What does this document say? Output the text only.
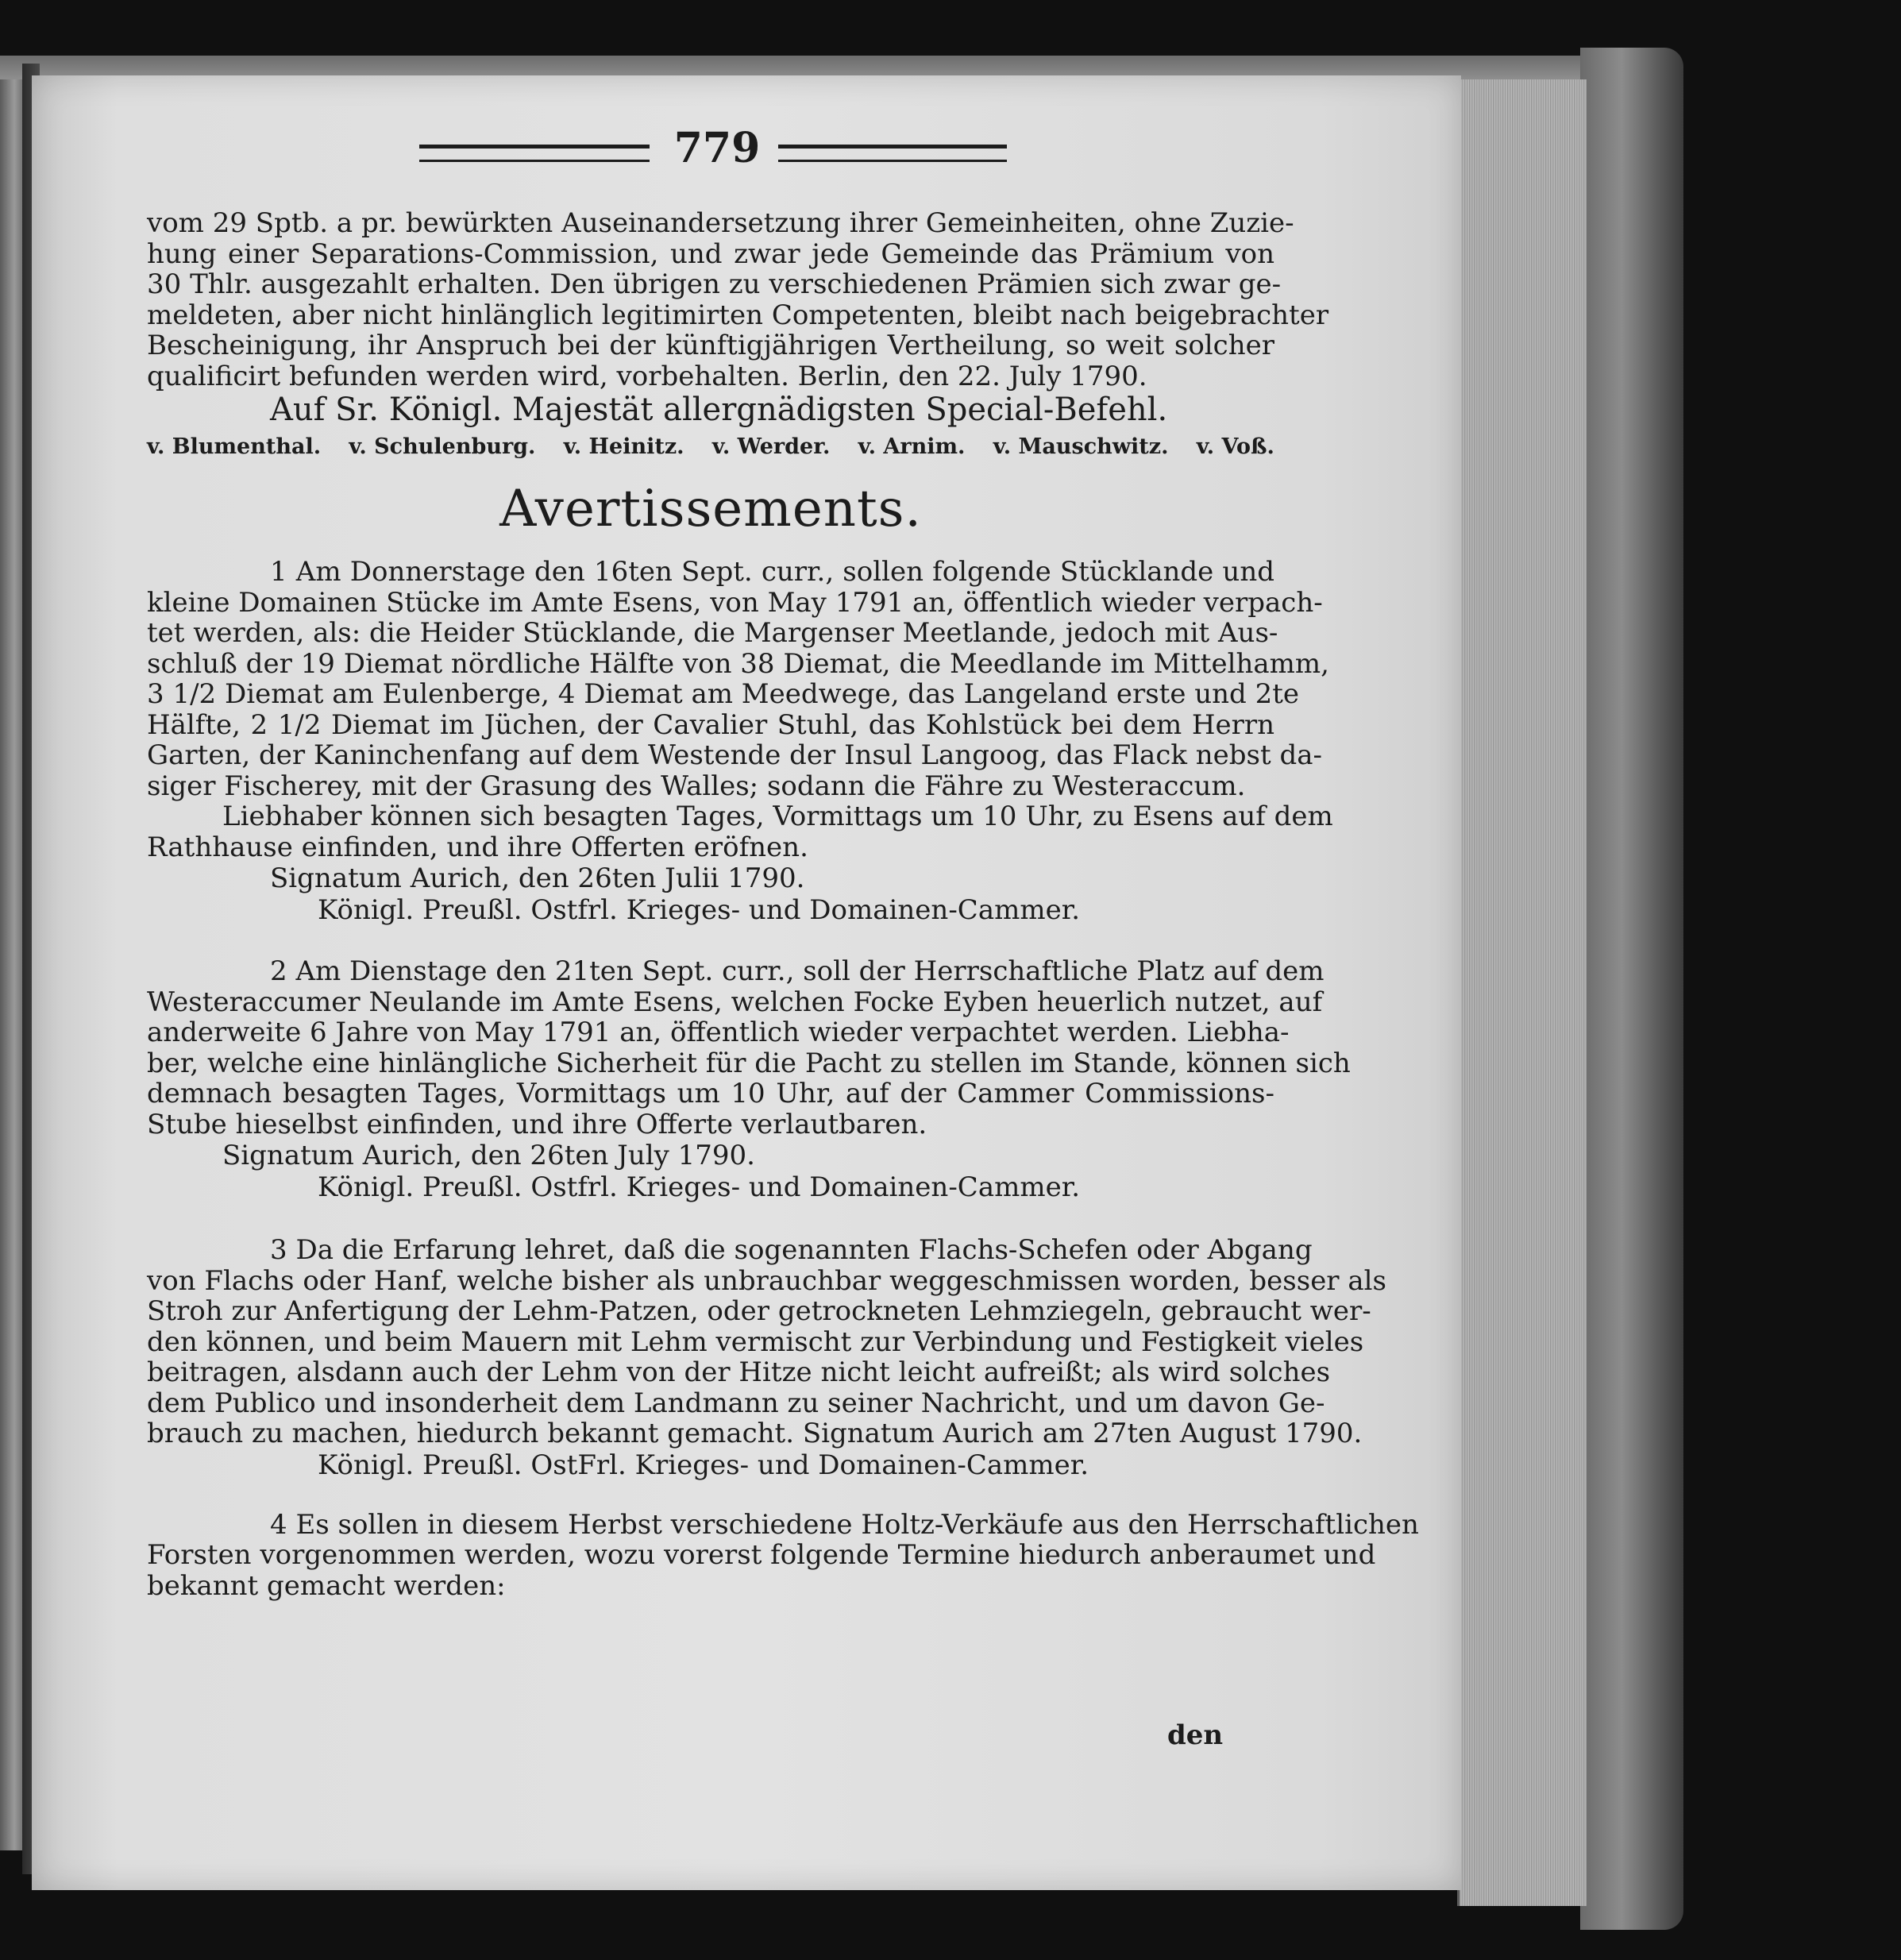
779
vom 29 Sptb. a pr. bewürkten Auseinandersetzung ihrer Gemeinheiten, ohne Zuzie-
hung einer Separations-Commission, und zwar jede Gemeinde das Prämium von
30 Thlr. ausgezahlt erhalten. Den übrigen zu verschiedenen Prämien sich zwar ge-
meldeten, aber nicht hinlänglich legitimirten Competenten, bleibt nach beigebrachter
Bescheinigung, ihr Anspruch bei der künftigjährigen Vertheilung, so weit solcher
qualificirt befunden werden wird, vorbehalten. Berlin, den 22. July 1790.
Auf Sr. Königl. Majestät allergnädigsten Special-Befehl.
v. Blumenthal. v. Schulenburg. v. Heinitz. v. Werder. v. Arnim. v. Mauschwitz. v. Voß.
Avertissements.
1 Am Donnerstage den 16ten Sept. curr., sollen folgende Stücklande und
kleine Domainen Stücke im Amte Esens, von May 1791 an, öffentlich wieder verpach-
tet werden, als: die Heider Stücklande, die Margenser Meetlande, jedoch mit Aus-
schluß der 19 Diemat nördliche Hälfte von 38 Diemat, die Meedlande im Mittelhamm,
3 1/2 Diemat am Eulenberge, 4 Diemat am Meedwege, das Langeland erste und 2te
Hälfte, 2 1/2 Diemat im Jüchen, der Cavalier Stuhl, das Kohlstück bei dem Herrn
Garten, der Kaninchenfang auf dem Westende der Insul Langoog, das Flack nebst da-
siger Fischerey, mit der Grasung des Walles; sodann die Fähre zu Westeraccum.
Liebhaber können sich besagten Tages, Vormittags um 10 Uhr, zu Esens auf dem
Rathhause einfinden, und ihre Offerten eröfnen.
Signatum Aurich, den 26ten Julii 1790.
Königl. Preußl. Ostfrl. Krieges- und Domainen-Cammer.
2 Am Dienstage den 21ten Sept. curr., soll der Herrschaftliche Platz auf dem
Westeraccumer Neulande im Amte Esens, welchen Focke Eyben heuerlich nutzet, auf
anderweite 6 Jahre von May 1791 an, öffentlich wieder verpachtet werden. Liebha-
ber, welche eine hinlängliche Sicherheit für die Pacht zu stellen im Stande, können sich
demnach besagten Tages, Vormittags um 10 Uhr, auf der Cammer Commissions-
Stube hieselbst einfinden, und ihre Offerte verlautbaren.
Signatum Aurich, den 26ten July 1790.
Königl. Preußl. Ostfrl. Krieges- und Domainen-Cammer.
3 Da die Erfarung lehret, daß die sogenannten Flachs-Schefen oder Abgang
von Flachs oder Hanf, welche bisher als unbrauchbar weggeschmissen worden, besser als
Stroh zur Anfertigung der Lehm-Patzen, oder getrockneten Lehmziegeln, gebraucht wer-
den können, und beim Mauern mit Lehm vermischt zur Verbindung und Festigkeit vieles
beitragen, alsdann auch der Lehm von der Hitze nicht leicht aufreißt; als wird solches
dem Publico und insonderheit dem Landmann zu seiner Nachricht, und um davon Ge-
brauch zu machen, hiedurch bekannt gemacht. Signatum Aurich am 27ten August 1790.
Königl. Preußl. OstFrl. Krieges- und Domainen-Cammer.
4 Es sollen in diesem Herbst verschiedene Holtz-Verkäufe aus den Herrschaftlichen
Forsten vorgenommen werden, wozu vorerst folgende Termine hiedurch anberaumet und
bekannt gemacht werden:
den
